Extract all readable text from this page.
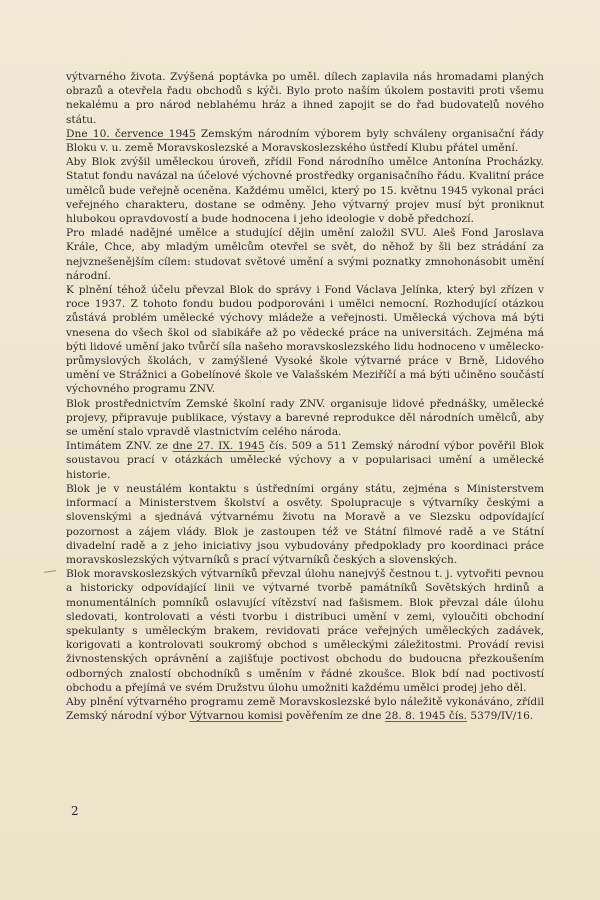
výtvarného života. Zvýšená poptávka po uměl. dílech zaplavila nás hromadami planých obrazů a otevřela řadu obchodů s kýči. Bylo proto naším úkolem postaviti proti všemu nekalému a pro národ neblahému hráz a ihned zapojit se do řad budovatelů nového státu.

Dne 10. července 1945 Zemským národním výborem byly schváleny organisační řády Bloku v. u. země Moravskoslezské a Moravskoslezského ústředí Klubu přátel umění.

Aby Blok zvýšil uměleckou úroveň, zřídil Fond národního umělce Antonína Procházky. Statut fondu navázal na účelové výchovné prostředky organisačního řádu. Kvalitní práce umělců bude veřejně oceněna. Každému umělci, který po 15. květnu 1945 vykonal práci veřejného charakteru, dostane se odměny. Jeho výtvarný projev musí být proniknut hlubokou opravdovostí a bude hodnocena i jeho ideologie v době předchozí.

Pro mladé nadějné umělce a studující dějin umění založil SVU. Aleš Fond Jaroslava Krále, Chce, aby mladým umělcům otevřel se svět, do něhož by šli bez strádání za nejvznešenějším cílem: studovat světové umění a svými poznatky zmnohonásobit umění národní.

K plnění téhož účelu převzal Blok do správy i Fond Václava Jelínka, který byl zřízen v roce 1937. Z tohoto fondu budou podporováni i umělci nemocní. Rozhodující otázkou zůstává problém umělecké výchovy mládeže a veřejnosti. Umělecká výchova má býti vnesena do všech škol od slabikáře až po vědecké práce na universitách. Zejména má býti lidové umění jako tvůrčí síla našeho moravskoslezského lidu hodnoceno v umělecko-průmyslových školách, v zamýšlené Vysoké škole výtvarné práce v Brně, Lidového umění ve Strážnici a Gobelínové škole ve Valašském Meziříčí a má býti učiněno součástí výchovného programu ZNV.

Blok prostřednictvím Zemské školní rady ZNV. organisuje lidové přednášky, umělecké projevy, připravuje publikace, výstavy a barevné reprodukce děl národních umělců, aby se umění stalo vpravdě vlastnictvím celého národa.

Intimátem ZNV. ze dne 27. IX. 1945 čís. 509 a 511 Zemský národní výbor pověřil Blok soustavou prací v otázkách umělecké výchovy a v popularisaci umění a umělecké historie.

Blok je v neustálém kontaktu s ústředními orgány státu, zejména s Ministerstvem informací a Ministerstvem školství a osvěty. Spolupracuje s výtvarníky českými a slovenskými a sjednává výtvarnému životu na Moravě a ve Slezsku odpovídající pozornost a zájem vlády. Blok je zastoupen též ve Státní filmové radě a ve Státní divadelní radě a z jeho iniciativy jsou vybudovány předpoklady pro koordinaci práce moravskoslezských výtvarníků s prací výtvarníků českých a slovenských.

Blok moravskoslezských výtvarníků převzal úlohu nanejvýš čestnou t. j. vytvořiti pevnou a historicky odpovídající linii ve výtvarné tvorbě památníků Sovětských hrdinů a monumentálních pomníků oslavující vítězství nad fašismem. Blok převzal dále úlohu sledovati, kontrolovati a vésti tvorbu i distribuci umění v zemi, vyloučiti obchodní spekulanty s uměleckým brakem, revidovati práce veřejných uměleckých zadávek, korigovati a kontrolovati soukromý obchod s uměleckými záležitostmi. Provádí revisi živnostenských oprávnění a zajišťuje poctivost obchodu do budoucna přezkoušením odborných znalostí obchodníků s uměním v řádné zkoušce. Blok bdí nad poctivostí obchodu a přejímá ve svém Družstvu úlohu umožniti každému umělci prodej jeho děl.

Aby plnění výtvarného programu země Moravskoslezské bylo náležitě vykonáváno, zřídil Zemský národní výbor Výtvarnou komisi pověřením ze dne 28. 8. 1945 čís. 5379/IV/16.

2
